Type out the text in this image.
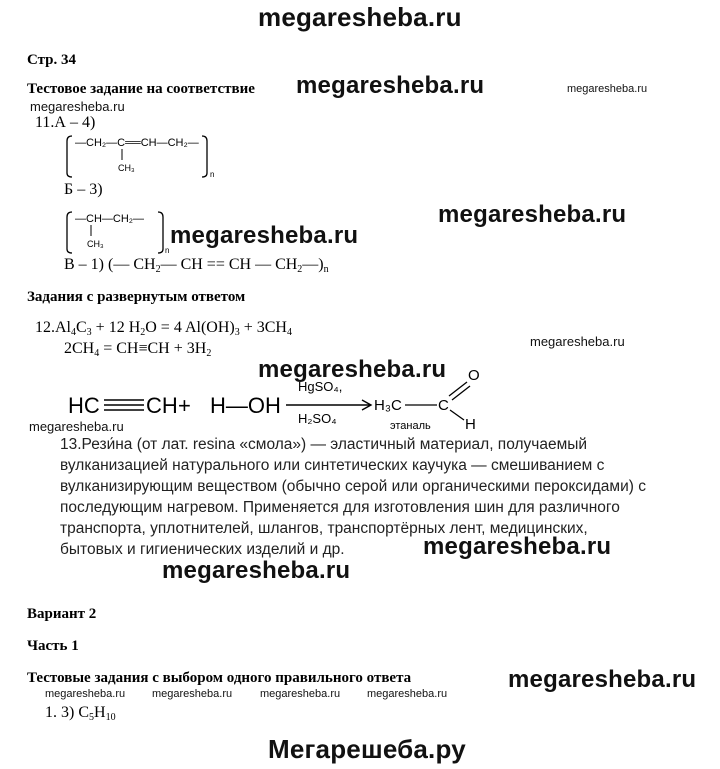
megaresheba.ru
Стр. 34
Тестовое задание на соответствие megaresheba.ru	megaresheba.ru
megaresheba.ru
11.А – 4)
—CH₂—C══CH—CH₂—
CH₃
n
Б – 3)
—CH—CH₂—
CH₃
n
megaresheba.ru
megaresheba.ru
В – 1) (— $CH_2—$ CH == CH — $CH_2—)_n$
Задания с развернутым ответом
$12.Al_4C_3 + 12$ $H_2O = 4$ $Al(OH)_3 + 3CH_4$
$2CH_4 = CH\equiv CH + 3H_2$
megaresheba.ru
megaresheba.ru
HC CH + H—OH
HgSO₄,
H₂SO₄
H₃C C
O
H
этаналь
megaresheba.ru
13.Рези́на (от лат. resina «смола») — эластичный материал, получаемый
вулканизацией натурального или синтетических каучука — смешиванием с
вулканизирующим веществом (обычно серой или органическими пероксидами) с
последующим нагревом. Применяется для изготовления шин для различного
транспорта, уплотнителей, шлангов, транспортёрных лент, медицинских,
бытовых и гигиенических изделий и др.	megaresheba.ru
megaresheba.ru
Вариант 2
Часть 1
Тестовые задания с выбором одного правильного ответа	megaresheba.ru
megaresheba.ru megaresheba.ru	megaresheba.ru megaresheba.ru
1. 3) $C_5H_{10}$
Мегарешеба.ру
